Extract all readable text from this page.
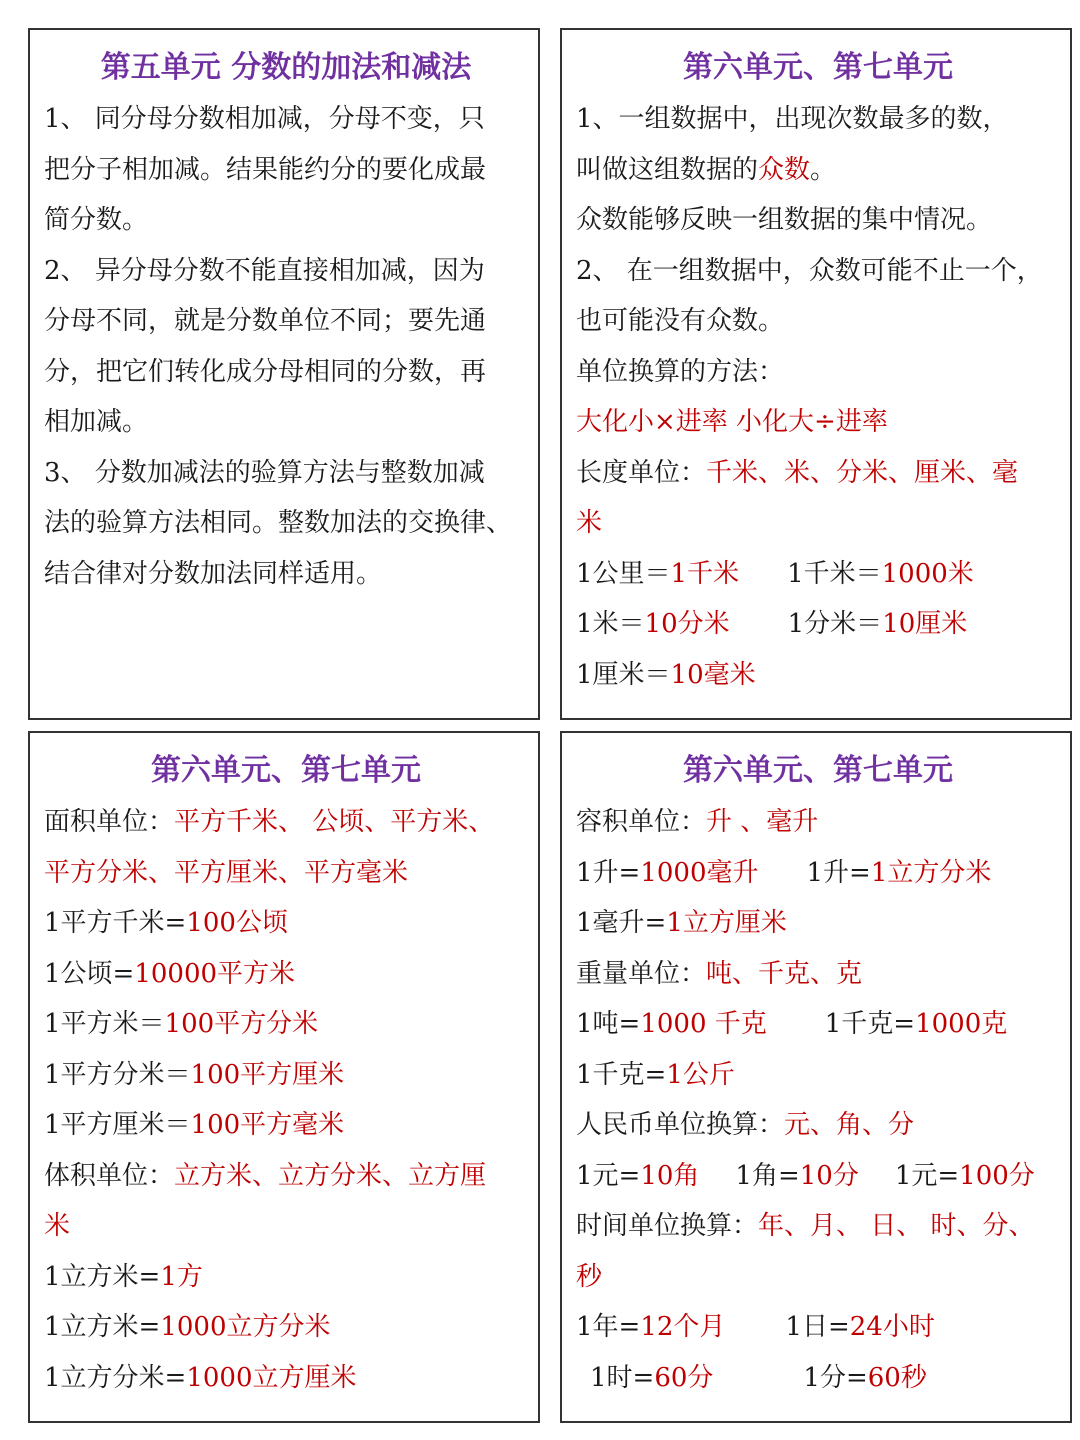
第五单元 分数的加法和减法
1、 同分母分数相加减，分母不变，只
把分子相加减。结果能约分的要化成最
简分数。
2、 异分母分数不能直接相加减，因为
分母不同，就是分数单位不同；要先通
分，把它们转化成分母相同的分数，再
相加减。
3、 分数加减法的验算方法与整数加减
法的验算方法相同。整数加法的交换律、
结合律对分数加法同样适用。
第六单元、第七单元
1、一组数据中，出现次数最多的数，
叫做这组数据的众数。
众数能够反映一组数据的集中情况。
2、 在一组数据中，众数可能不止一个，
也可能没有众数。
单位换算的方法：
大化小×进率 小化大÷进率
长度单位：千米、米、分米、厘米、毫
米
1公里＝1千米 1千米＝1000米
1米＝10分米 1分米＝10厘米
1厘米＝10毫米
第六单元、第七单元
面积单位：平方千米、 公顷、平方米、
平方分米、平方厘米、平方毫米
1平方千米=100公顷
1公顷=10000平方米
1平方米＝100平方分米
1平方分米＝100平方厘米
1平方厘米＝100平方毫米
体积单位：立方米、立方分米、立方厘
米
1立方米=1方
1立方米=1000立方分米
1立方分米=1000立方厘米
第六单元、第七单元
容积单位：升 、毫升
1升=1000毫升 1升=1立方分米
1毫升=1立方厘米
重量单位：吨、千克、克
1吨=1000 千克 1千克=1000克
1千克=1公斤
人民币单位换算：元、角、分
1元=10角 1角=10分 1元=100分
时间单位换算：年、月、 日、 时、分、
秒
1年=12个月 1日=24小时
1时=60分	1分=60秒
